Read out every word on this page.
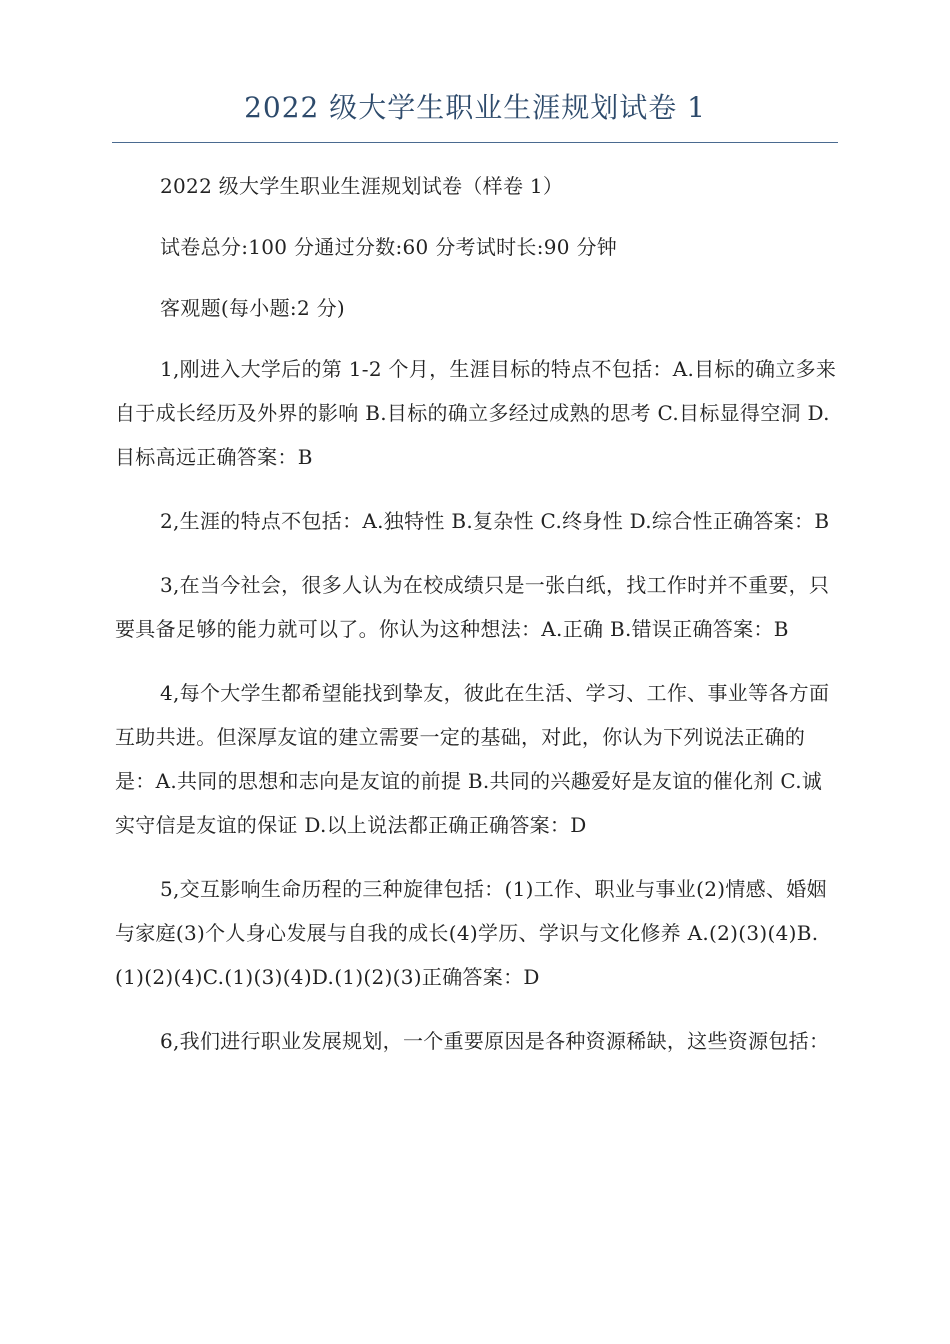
2022 级大学生职业生涯规划试卷 1

2022 级大学生职业生涯规划试卷（样卷 1）

试卷总分:100 分通过分数:60 分考试时长:90 分钟

客观题(每小题:2 分)

1,刚进入大学后的第 1-2 个月，生涯目标的特点不包括：A.目标的确立多来自于成长经历及外界的影响 B.目标的确立多经过成熟的思考 C.目标显得空洞 D.目标高远正确答案：B

2,生涯的特点不包括：A.独特性 B.复杂性 C.终身性 D.综合性正确答案：B

3,在当今社会，很多人认为在校成绩只是一张白纸，找工作时并不重要，只要具备足够的能力就可以了。你认为这种想法：A.正确 B.错误正确答案：B

4,每个大学生都希望能找到挚友，彼此在生活、学习、工作、事业等各方面互助共进。但深厚友谊的建立需要一定的基础，对此，你认为下列说法正确的是：A.共同的思想和志向是友谊的前提 B.共同的兴趣爱好是友谊的催化剂 C.诚实守信是友谊的保证 D.以上说法都正确正确答案：D

5,交互影响生命历程的三种旋律包括：(1)工作、职业与事业(2)情感、婚姻与家庭(3)个人身心发展与自我的成长(4)学历、学识与文化修养 A.(2)(3)(4)B.(1)(2)(4)C.(1)(3)(4)D.(1)(2)(3)正确答案：D

6,我们进行职业发展规划，一个重要原因是各种资源稀缺，这些资源包括：
